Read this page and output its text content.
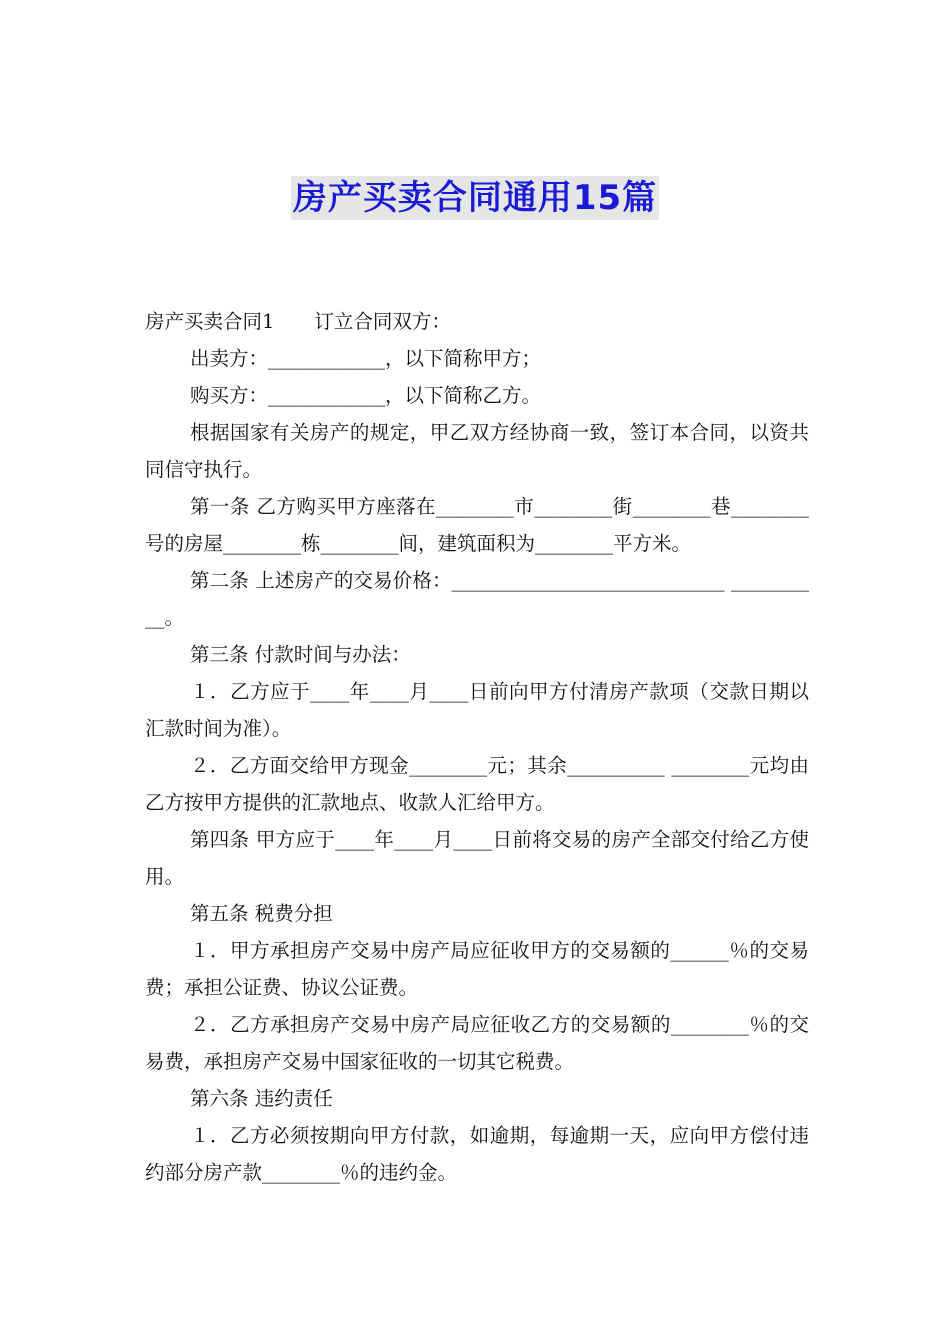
房产买卖合同通用15篇

房产买卖合同1 订立合同双方：

出卖方：____________，以下简称甲方；

购买方：____________，以下简称乙方。

根据国家有关房产的规定，甲乙双方经协商一致，签订本合同，以资共同信守执行。

第一条 乙方购买甲方座落在________市________街________巷________号的房屋________栋________间，建筑面积为________平方米。

第二条 上述房产的交易价格：____________________________ __________。

第三条 付款时间与办法：

１．乙方应于____年____月____日前向甲方付清房产款项（交款日期以汇款时间为准）。

２．乙方面交给甲方现金________元；其余__________ ________元均由乙方按甲方提供的汇款地点、收款人汇给甲方。

第四条 甲方应于____年____月____日前将交易的房产全部交付给乙方使用。

第五条 税费分担

１．甲方承担房产交易中房产局应征收甲方的交易额的______％的交易费；承担公证费、协议公证费。

２．乙方承担房产交易中房产局应征收乙方的交易额的________％的交易费，承担房产交易中国家征收的一切其它税费。

第六条 违约责任

１．乙方必须按期向甲方付款，如逾期，每逾期一天，应向甲方偿付违约部分房产款________％的违约金。
